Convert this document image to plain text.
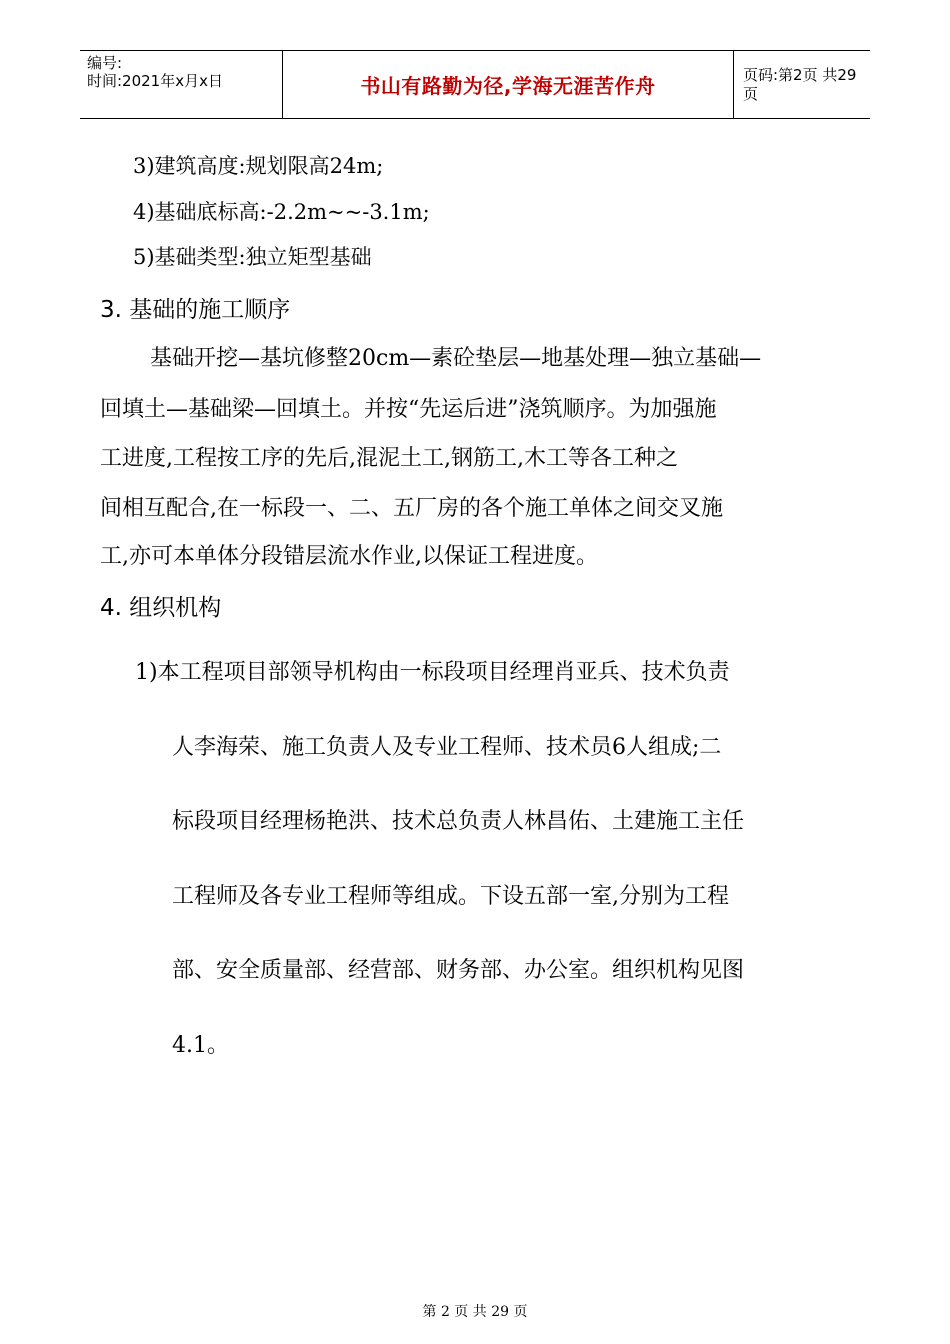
编号:
时间:2021年x月x日	书山有路勤为径,学海无涯苦作舟	页码:第2页 共29页
3)建筑高度:规划限高24m;
4)基础底标高:-2.2m~~-3.1m;
5)基础类型:独立矩型基础
3. 基础的施工顺序
基础开挖—基坑修整20cm—素砼垫层—地基处理—独立基础—
回填土—基础梁—回填土。并按“先运后进”浇筑顺序。为加强施
工进度,工程按工序的先后,混泥土工,钢筋工,木工等各工种之
间相互配合,在一标段一、二、五厂房的各个施工单体之间交叉施
工,亦可本单体分段错层流水作业,以保证工程进度。
4. 组织机构
1)本工程项目部领导机构由一标段项目经理肖亚兵、技术负责
人李海荣、施工负责人及专业工程师、技术员6人组成;二
标段项目经理杨艳洪、技术总负责人林昌佑、土建施工主任
工程师及各专业工程师等组成。下设五部一室,分别为工程
部、安全质量部、经营部、财务部、办公室。组织机构见图
4.1。
第 2 页 共 29 页
